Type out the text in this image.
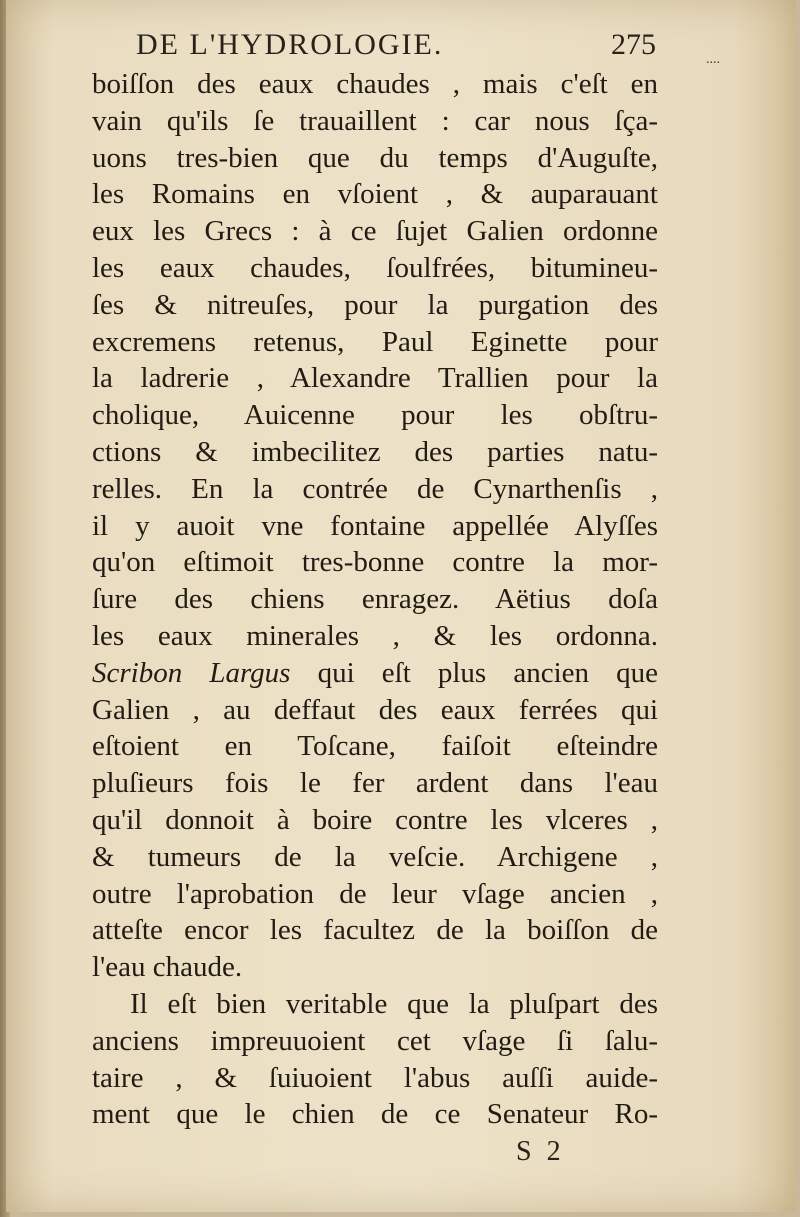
DE L'HYDROLOGIE.	275	....
boiſſon des eaux chaudes , mais c'eſt en
vain qu'ils ſe trauaillent : car nous ſça-
uons tres-bien que du temps d'Auguſte,
les Romains en vſoient , & auparauant
eux les Grecs : à ce ſujet Galien ordonne
les eaux chaudes, ſoulfrées, bitumineu-
ſes & nitreuſes, pour la purgation des
excremens retenus, Paul Eginette pour
la ladrerie , Alexandre Trallien pour la
cholique, Auicenne pour les obſtru-
ctions & imbecilitez des parties natu-
relles. En la contrée de Cynarthenſis ,
il y auoit vne fontaine appellée Alyſſes
qu'on eſtimoit tres-bonne contre la mor-
ſure des chiens enragez. Aëtius doſa
les eaux minerales , & les ordonna.
Scribon Largus qui eſt plus ancien que
Galien , au deffaut des eaux ferrées qui
eſtoient en Toſcane, faiſoit eſteindre
pluſieurs fois le fer ardent dans l'eau
qu'il donnoit à boire contre les vlceres ,
& tumeurs de la veſcie. Archigene ,
outre l'aprobation de leur vſage ancien ,
atteſte encor les facultez de la boiſſon de
l'eau chaude.
Il eſt bien veritable que la pluſpart des
anciens impreuuoient cet vſage ſi ſalu-
taire , & ſuiuoient l'abus auſſi auide-
ment que le chien de ce Senateur Ro-
S 2
